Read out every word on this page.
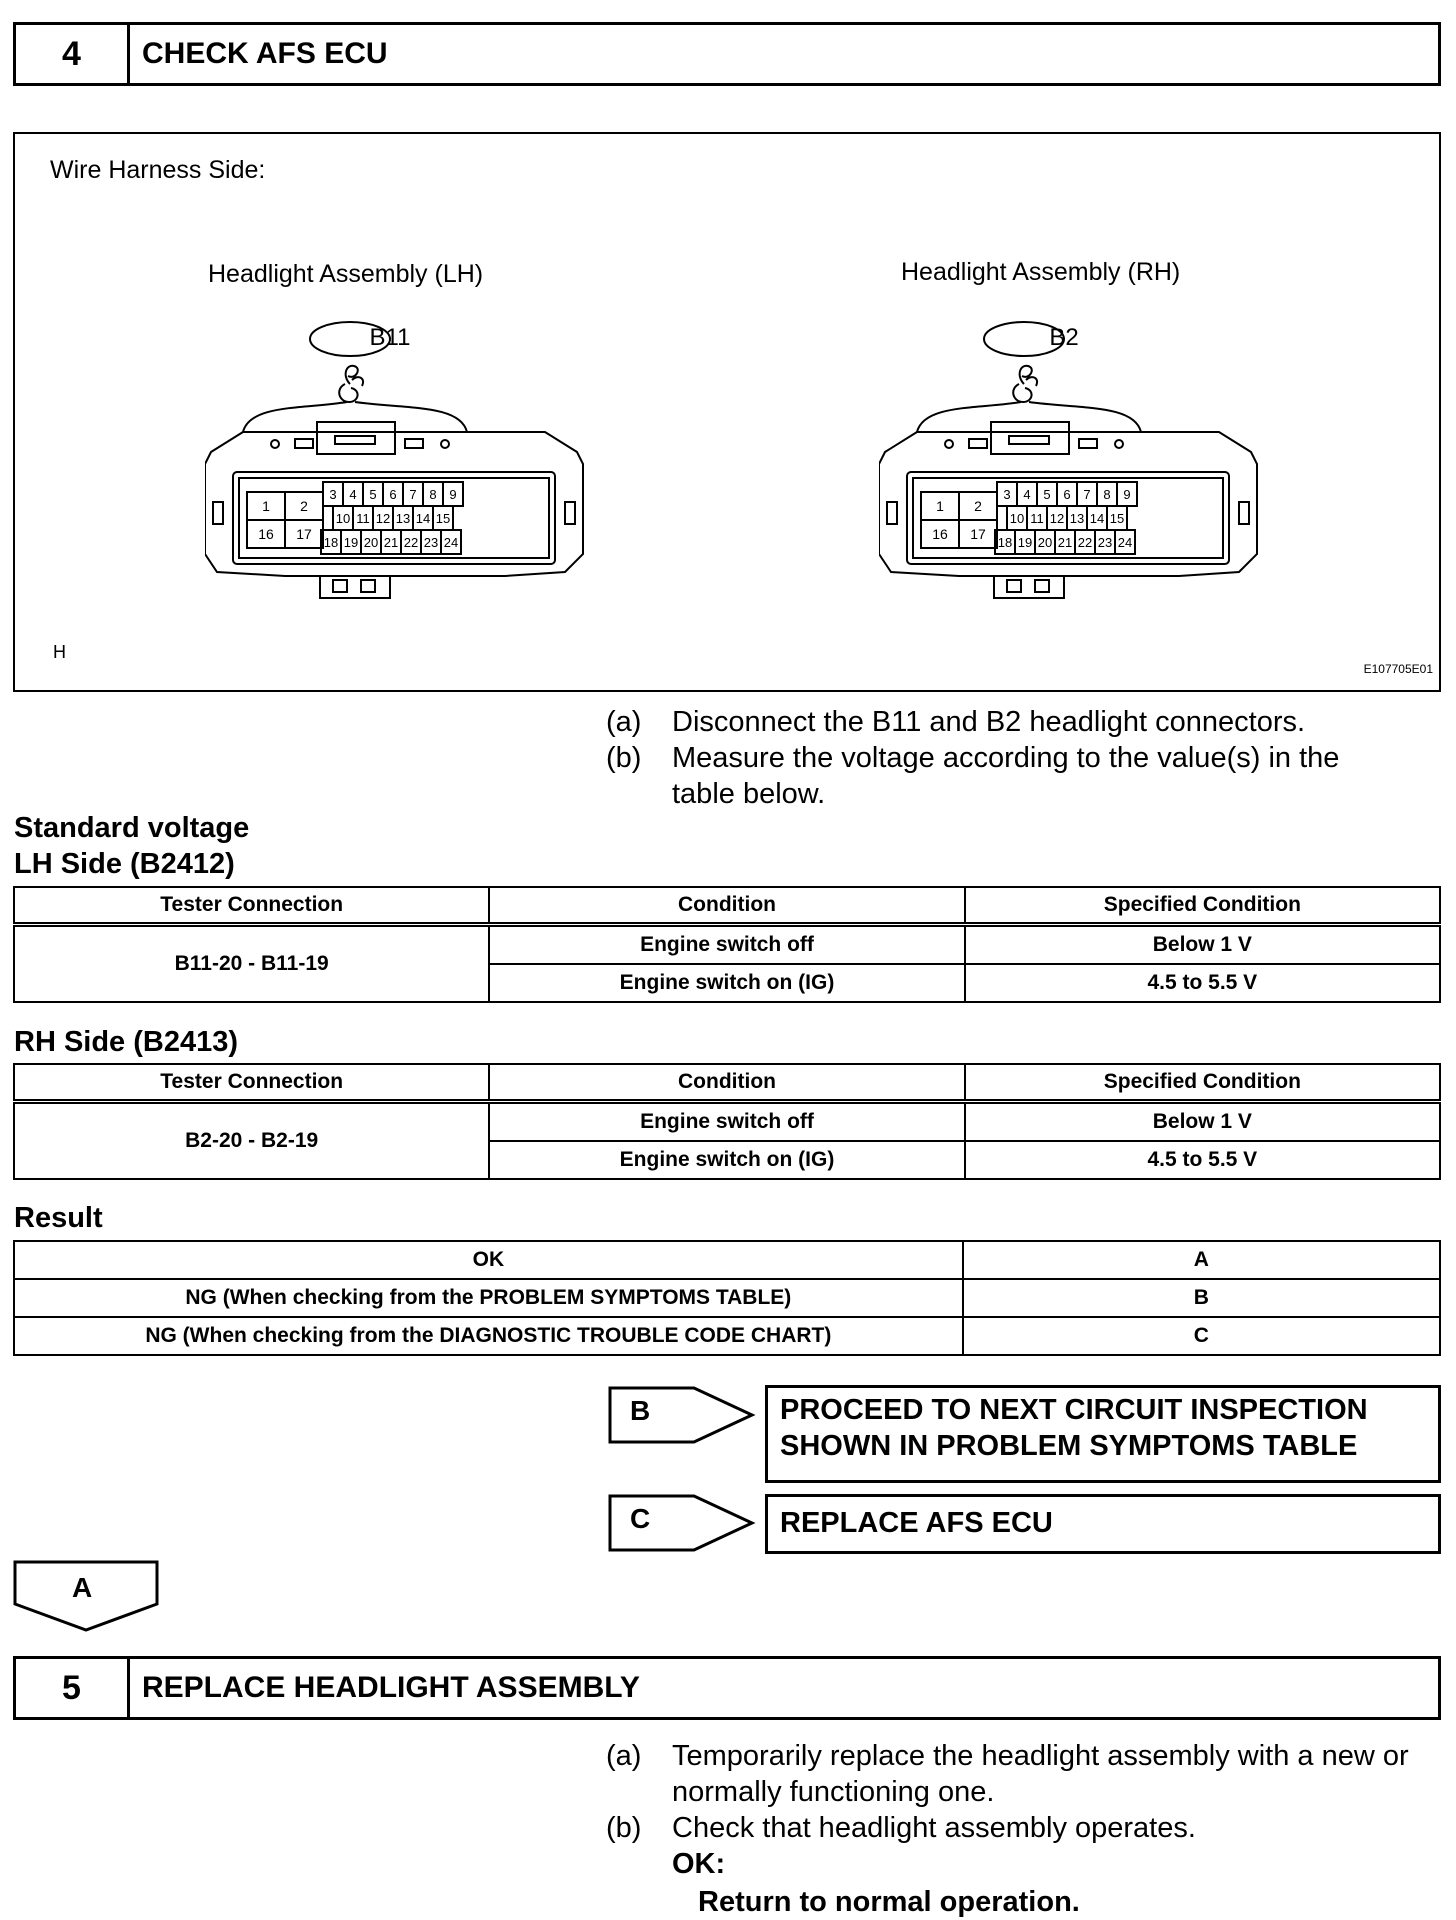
4	CHECK AFS ECU
Wire Harness Side:
Headlight Assembly (LH)	Headlight Assembly (RH)
1 2
16 17
3 4 5 6 7 8 9
10 11 12 13 14 15
18 19 20 21 22 23 24
1 2
16 17
3 4 5 6 7 8 9
10 11 12 13 14 15
18 19 20 21 22 23 24
B11	B2
H
E107705E01
(a)	Disconnect the B11 and B2 headlight connectors.
(b)	Measure the voltage according to the value(s) in the table below.
Standard voltage
LH Side (B2412)
Tester Connection	Condition	Specified Condition
B11-20 - B11-19	Engine switch off	Below 1 V
	Engine switch on (IG)	4.5 to 5.5 V
RH Side (B2413)
Tester Connection	Condition	Specified Condition
B2-20 - B2-19	Engine switch off	Below 1 V
	Engine switch on (IG)	4.5 to 5.5 V
Result
OK	A
NG (When checking from the PROBLEM SYMPTOMS TABLE)	B
NG (When checking from the DIAGNOSTIC TROUBLE CODE CHART)	C
B	PROCEED TO NEXT CIRCUIT INSPECTION
SHOWN IN PROBLEM SYMPTOMS TABLE
C	REPLACE AFS ECU
A
5	REPLACE HEADLIGHT ASSEMBLY
(a)	Temporarily replace the headlight assembly with a new or normally functioning one.
(b)	Check that headlight assembly operates.
OK:
Return to normal operation.
